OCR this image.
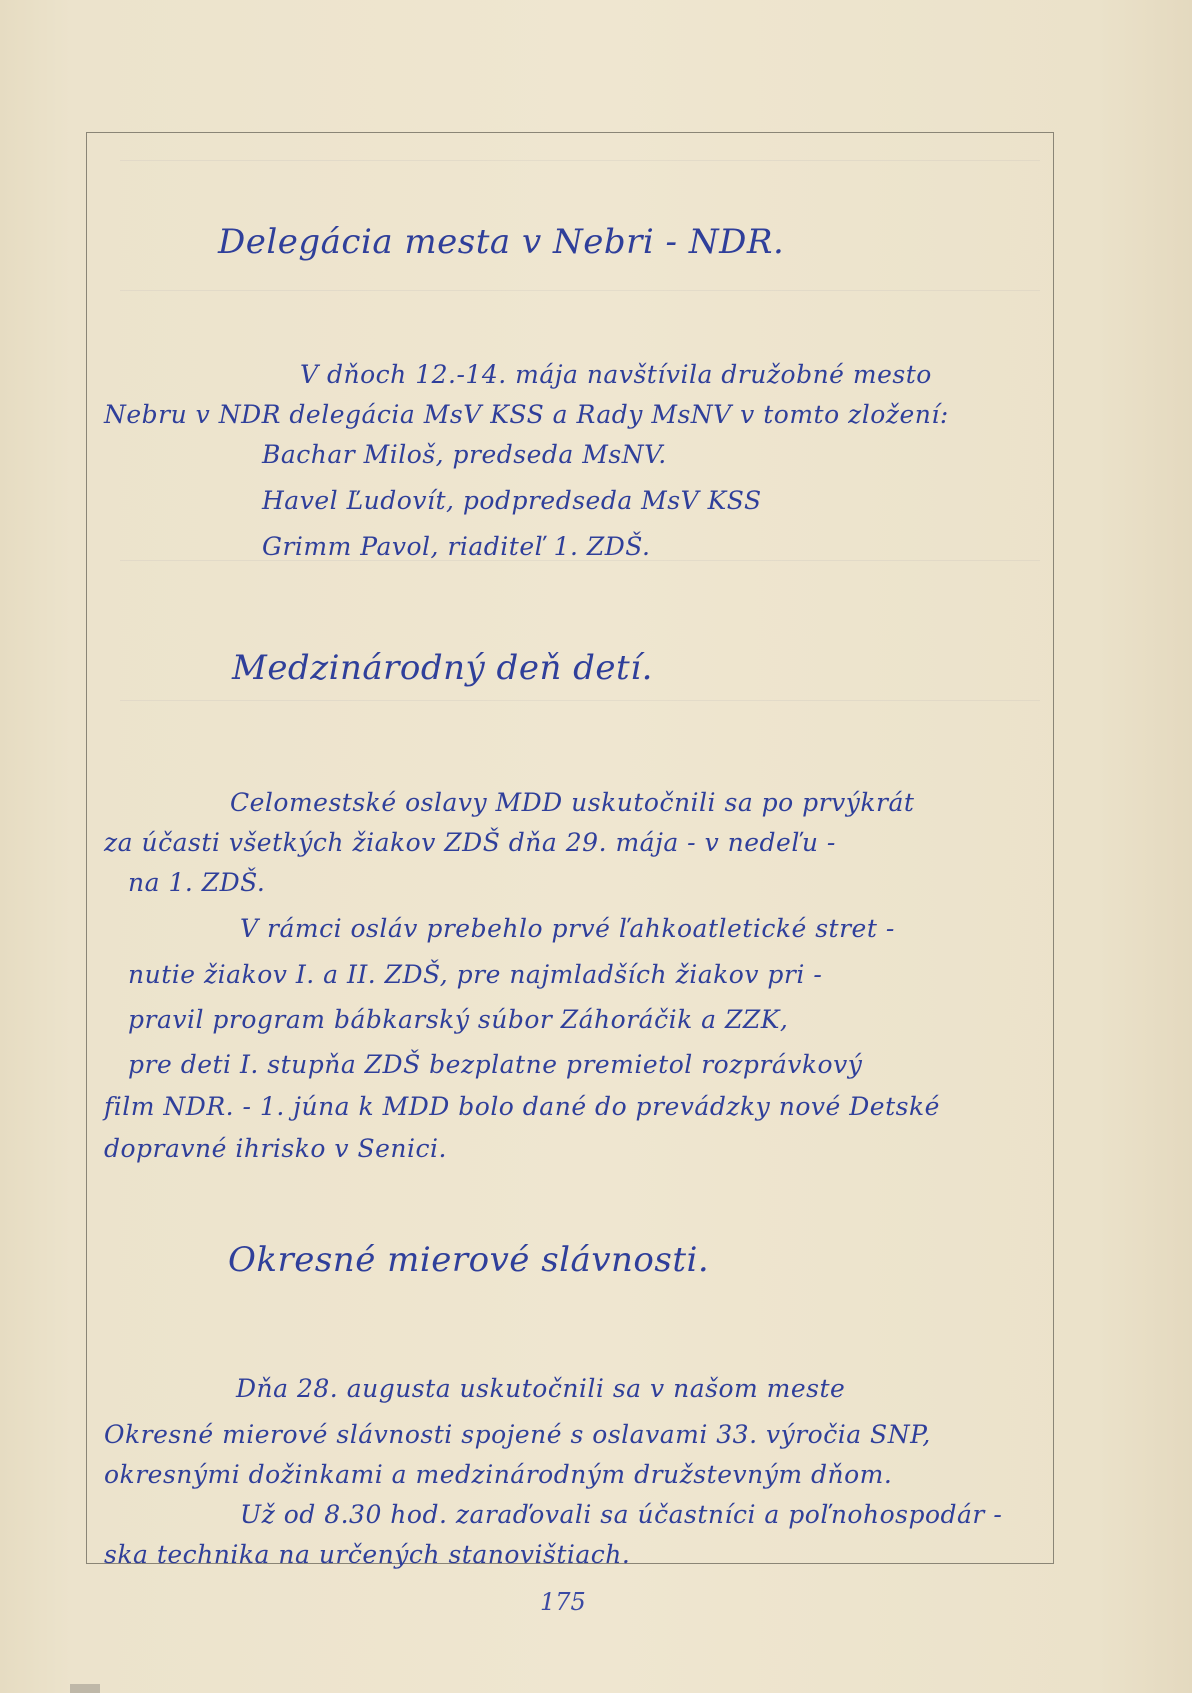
Delegácia mesta v Nebri - NDR.
V dňoch 12.-14. mája navštívila družobné mesto
Nebru v NDR delegácia MsV KSS a Rady MsNV v tomto zložení:
Bachar Miloš, predseda MsNV.
Havel Ľudovít, podpredseda MsV KSS
Grimm Pavol, riaditeľ 1. ZDŠ.
Medzinárodný deň detí.
Celomestské oslavy MDD uskutočnili sa po prvýkrát
za účasti všetkých žiakov ZDŠ dňa 29. mája - v nedeľu -
na 1. ZDŠ.
V rámci osláv prebehlo prvé ľahkoatletické stret -
nutie žiakov I. a II. ZDŠ, pre najmladších žiakov pri -
pravil program bábkarský súbor Záhoráčik a ZZK,
pre deti I. stupňa ZDŠ bezplatne premietol rozprávkový
film NDR. - 1. júna k MDD bolo dané do prevádzky nové Detské
dopravné ihrisko v Senici.
Okresné mierové slávnosti.
Dňa 28. augusta uskutočnili sa v našom meste
Okresné mierové slávnosti spojené s oslavami 33. výročia SNP,
okresnými dožinkami a medzinárodným družstevným dňom.
Už od 8.30 hod. zaraďovali sa účastníci a poľnohospodár -
ska technika na určených stanovištiach.
175
